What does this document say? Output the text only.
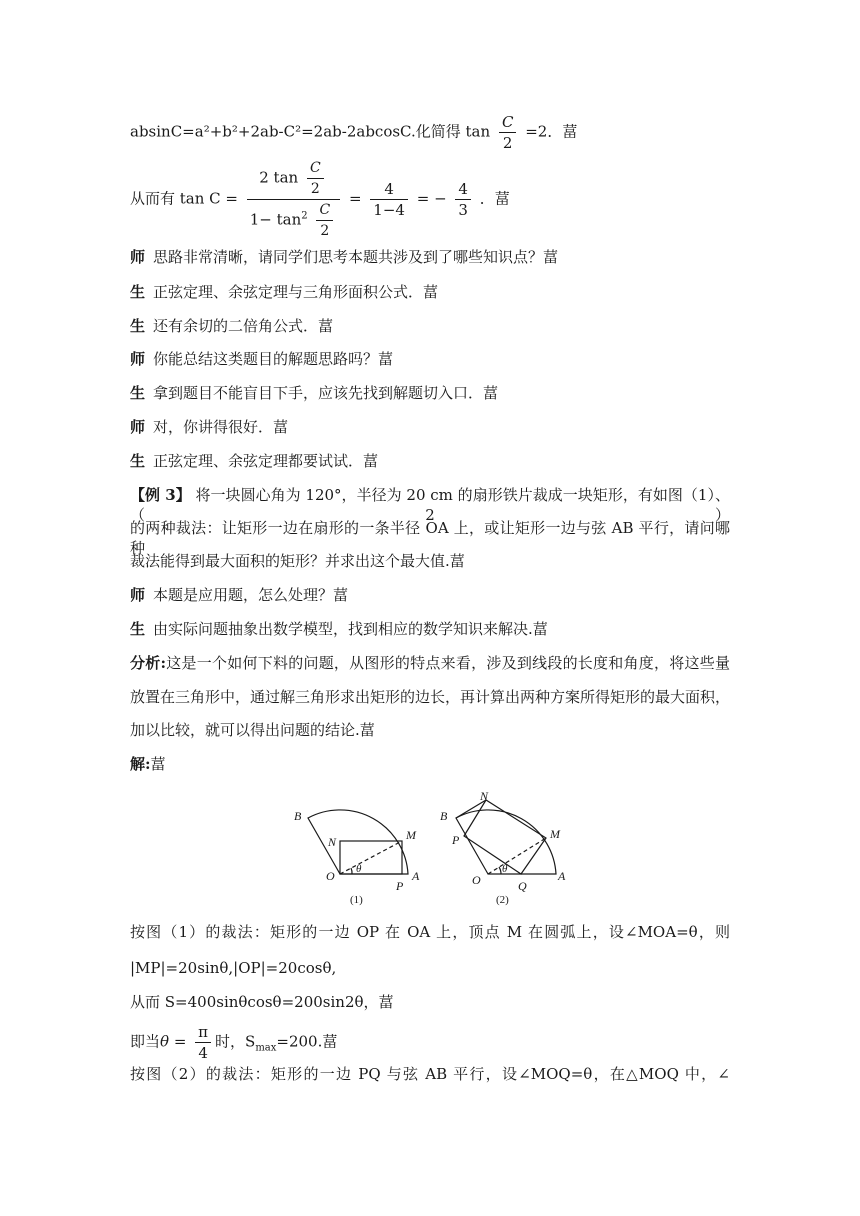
absinC=a²+b²+2ab-C²=2ab-2abcosC.化简得 $\tan \frac{C}{2} =2$．葍
从而有 $\tan C = \frac{2 \tan \frac{C}{2}}{1- \tan^2 \frac{C}{2}} = \frac{4}{1-4}$ = − $\frac{4}{3}$ ．葍
师 思路非常清晰，请同学们思考本题共涉及到了哪些知识点？葍
生 正弦定理、余弦定理与三角形面积公式．葍
生 还有余切的二倍角公式．葍
师 你能总结这类题目的解题思路吗？葍
生 拿到题目不能盲目下手，应该先找到解题切入口．葍
师 对，你讲得很好．葍
生 正弦定理、余弦定理都要试试．葍
【例 3】 将一块圆心角为 120°，半径为 20 cm 的扇形铁片裁成一块矩形，有如图（1）、（2）
的两种裁法：让矩形一边在扇形的一条半径 OA 上，或让矩形一边与弦 AB 平行，请问哪种
裁法能得到最大面积的矩形？并求出这个最大值.葍
师 本题是应用题，怎么处理？葍
生 由实际问题抽象出数学模型，找到相应的数学知识来解决.葍
分析:这是一个如何下料的问题，从图形的特点来看，涉及到线段的长度和角度，将这些量
放置在三角形中，通过解三角形求出矩形的边长，再计算出两种方案所得矩形的最大面积，
加以比较，就可以得出问题的结论.葍
解:葍
B
N	M
O
P
A
θ
(1)
B
N
M
P
O	Q
A
θ
(2)
按图（1）的裁法：矩形的一边 OP 在 OA 上，顶点 M 在圆弧上，设∠MOA=θ，则
|MP|=20sinθ,|OP|=20cosθ,
从而 S=400sinθcosθ=200sin2θ，葍
即当$\theta = \frac{\pi}{4}$ 时，$S_{max}=200$.葍
按图（2）的裁法：矩形的一边 PQ 与弦 AB 平行，设∠MOQ=θ，在△MOQ 中，∠
